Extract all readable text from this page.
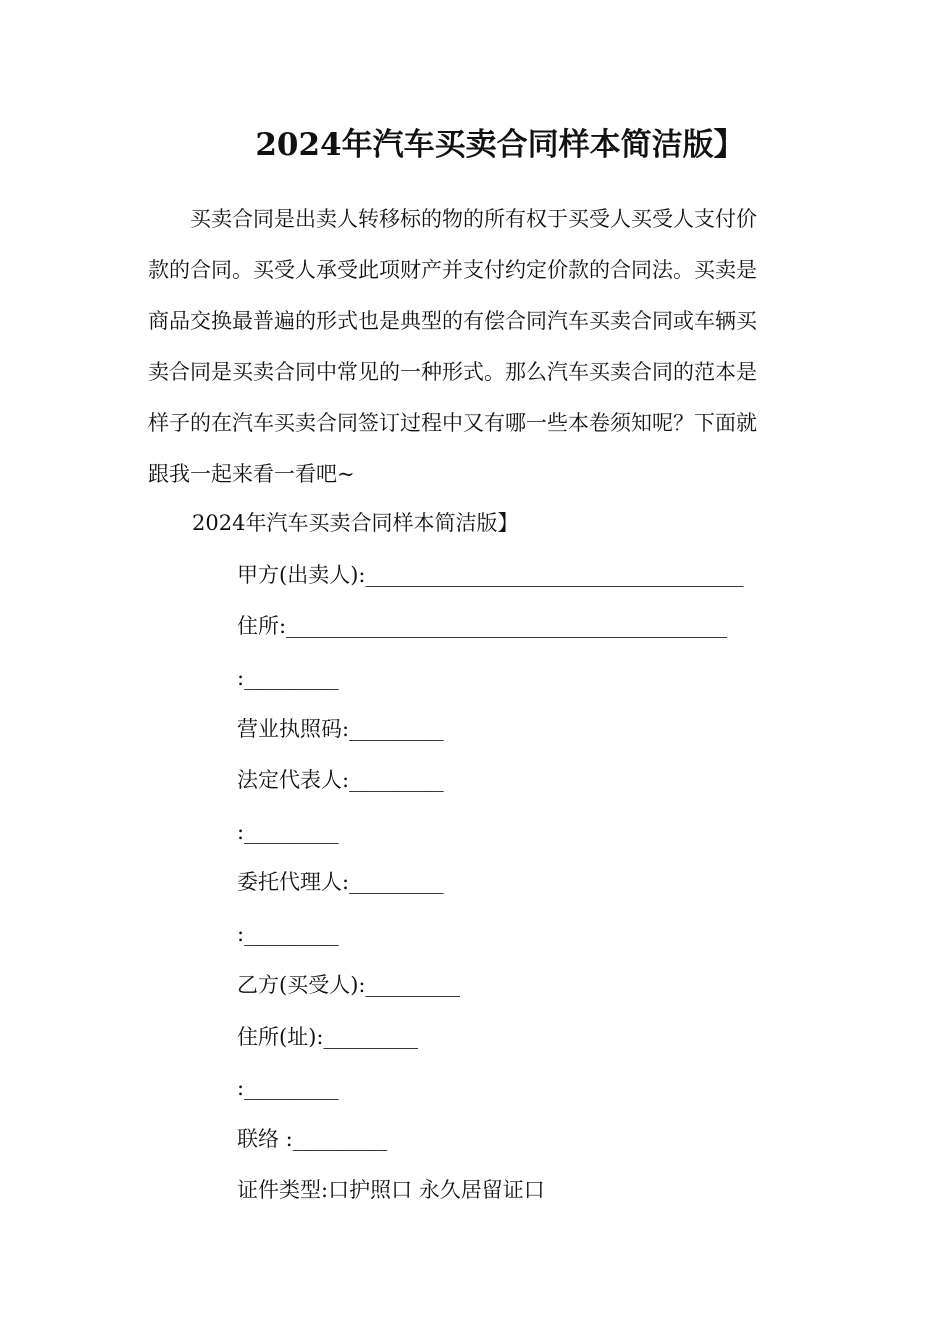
2024年汽车买卖合同样本简洁版】

买卖合同是出卖人转移标的物的所有权于买受人买受人支付价
款的合同。买受人承受此项财产并支付约定价款的合同法。买卖是
商品交换最普遍的形式也是典型的有偿合同汽车买卖合同或车辆买
卖合同是买卖合同中常见的一种形式。那么汽车买卖合同的范本是
样子的在汽车买卖合同签订过程中又有哪一些本卷须知呢？下面就
跟我一起来看一看吧~

2024年汽车买卖合同样本简洁版】
甲方(出卖人):____________________________________
住所:__________________________________________
:_________
营业执照码:_________
法定代表人:_________
:_________
委托代理人:_________
:_________
乙方(买受人):_________
住所(址):_________
:_________
联络 :_________
证件类型:口护照口 永久居留证口
